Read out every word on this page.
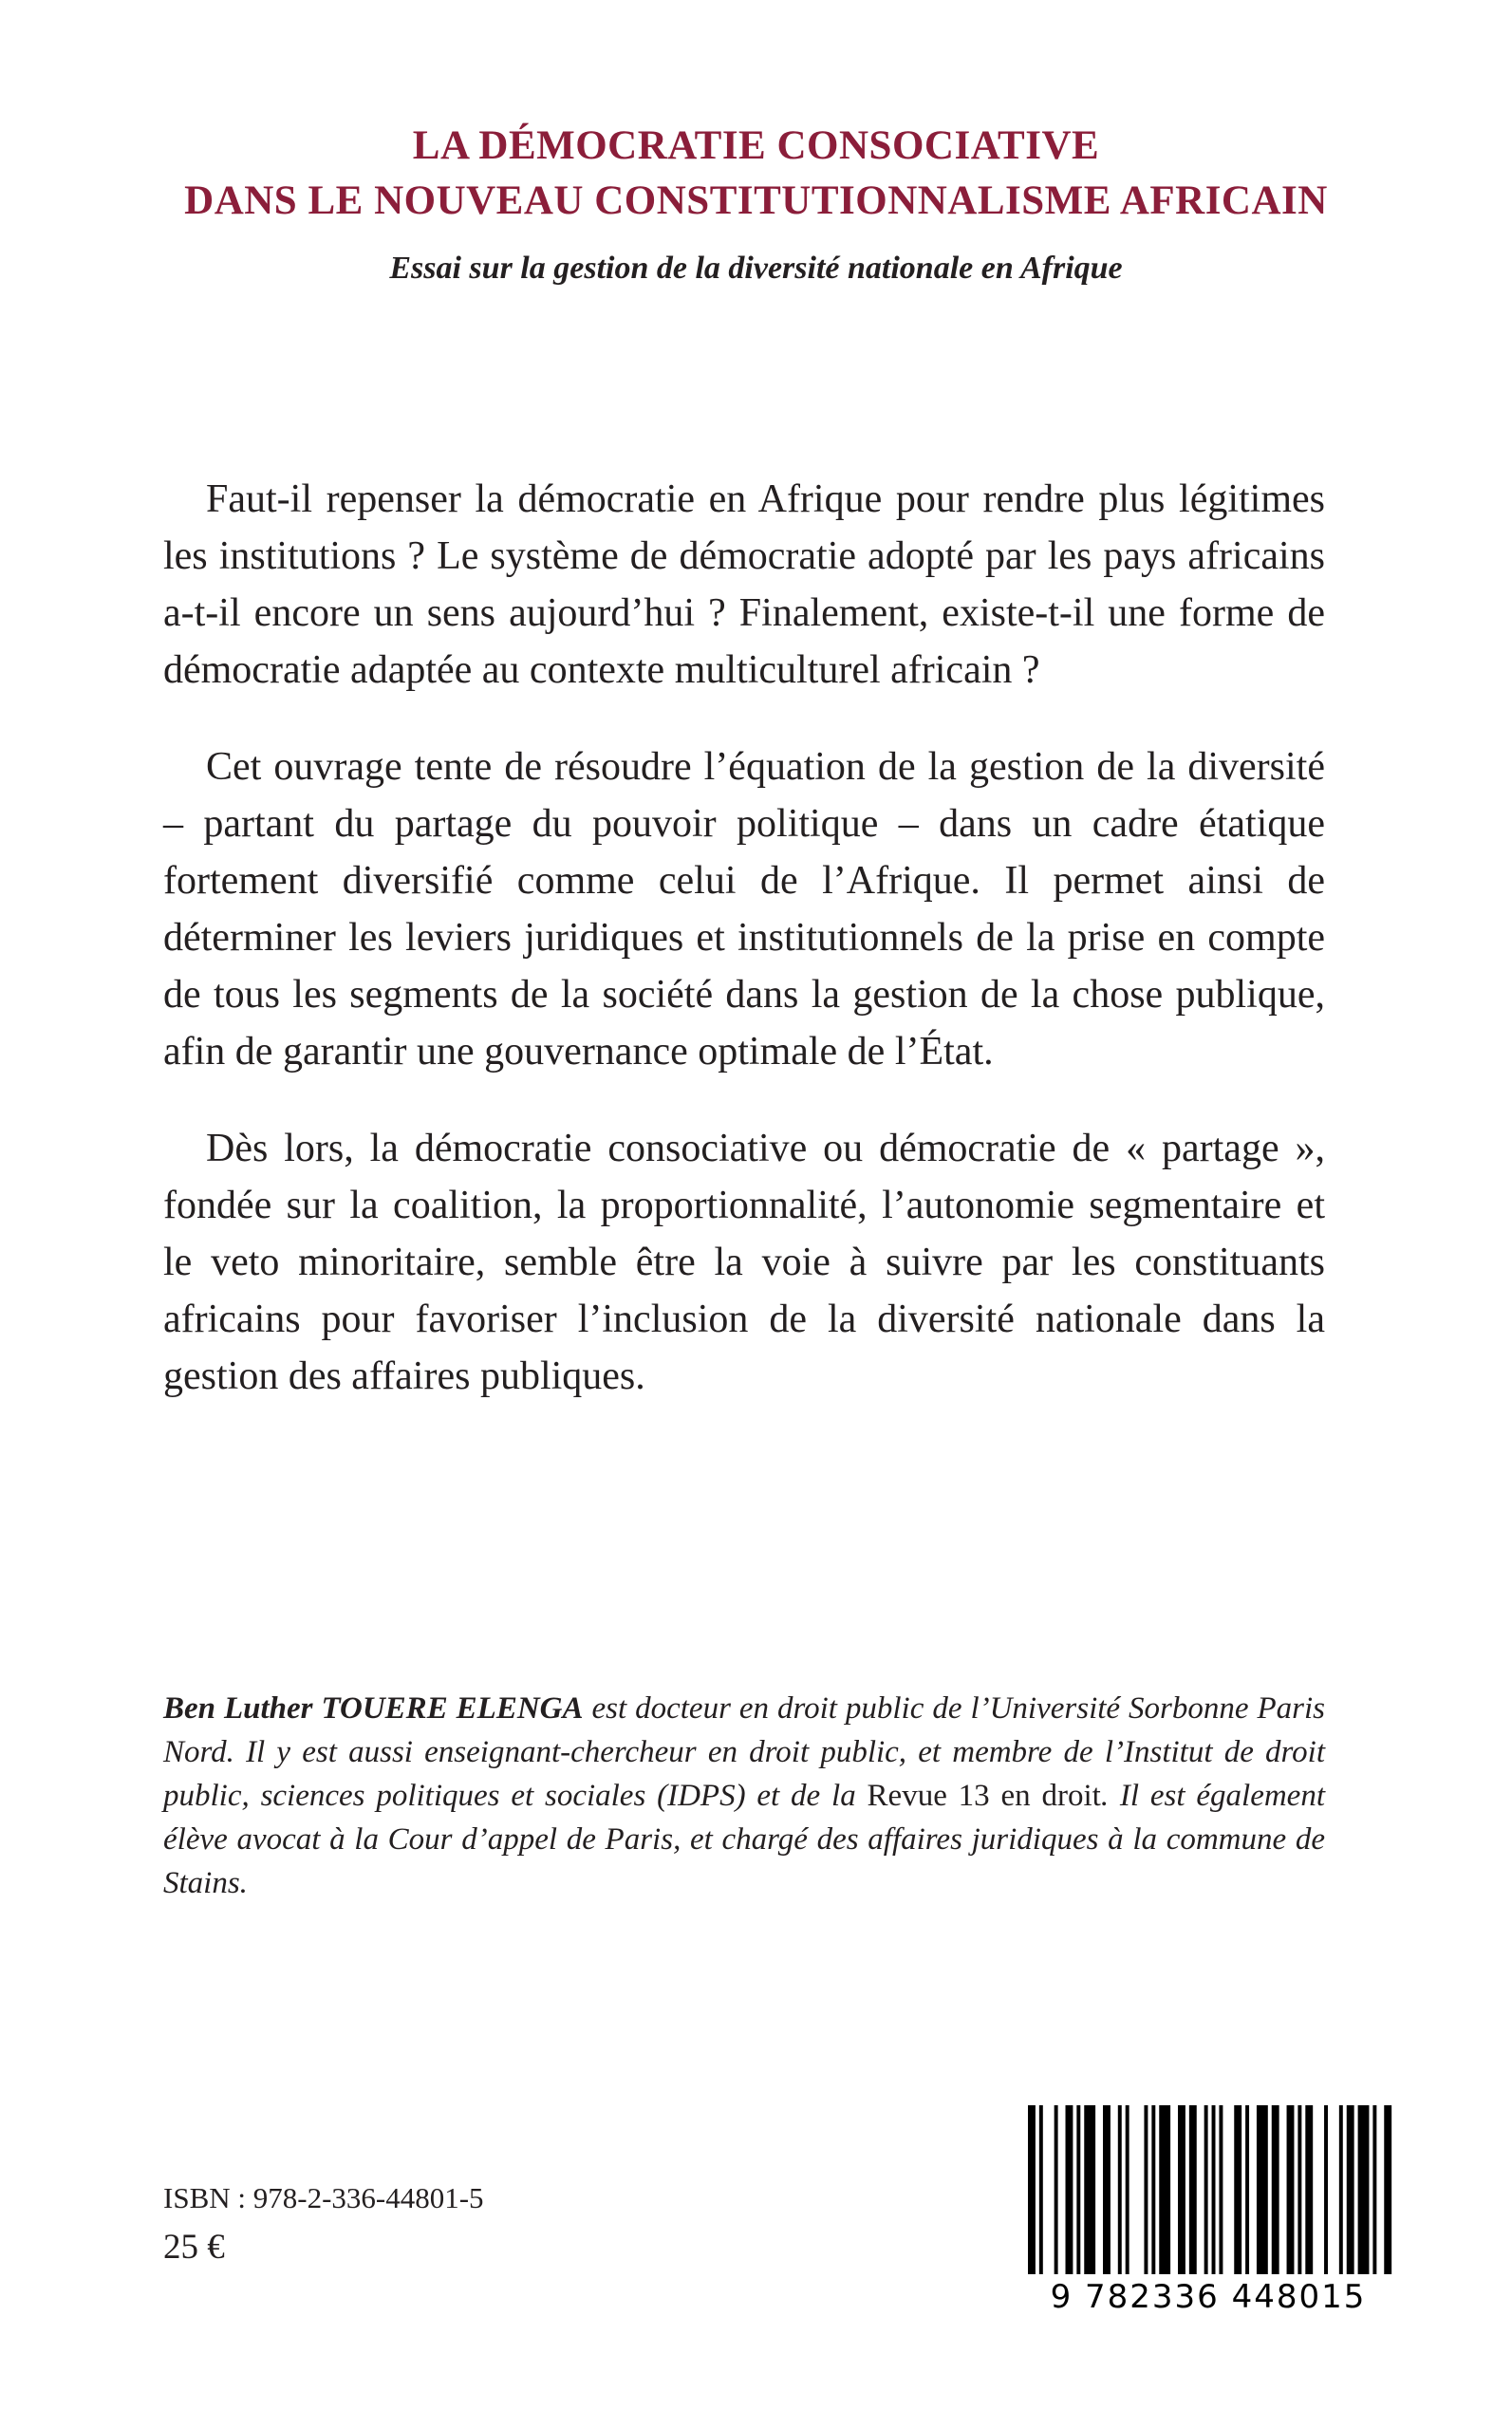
LA DÉMOCRATIE CONSOCIATIVE
DANS LE NOUVEAU CONSTITUTIONNALISME AFRICAIN
Essai sur la gestion de la diversité nationale en Afrique

Faut-il repenser la démocratie en Afrique pour rendre plus légitimes les institutions ? Le système de démocratie adopté par les pays africains a-t-il encore un sens aujourd’hui ? Finalement, existe-t-il une forme de démocratie adaptée au contexte multiculturel africain ?

Cet ouvrage tente de résoudre l’équation de la gestion de la diversité – partant du partage du pouvoir politique – dans un cadre étatique fortement diversifié comme celui de l’Afrique. Il permet ainsi de déterminer les leviers juridiques et institutionnels de la prise en compte de tous les segments de la société dans la gestion de la chose publique, afin de garantir une gouvernance optimale de l’État.

Dès lors, la démocratie consociative ou démocratie de « partage », fondée sur la coalition, la proportionnalité, l’autonomie segmentaire et le veto minoritaire, semble être la voie à suivre par les constituants africains pour favoriser l’inclusion de la diversité nationale dans la gestion des affaires publiques.

Ben Luther TOUERE ELENGA est docteur en droit public de l’Université Sorbonne Paris Nord. Il y est aussi enseignant-chercheur en droit public, et membre de l’Institut de droit public, sciences politiques et sociales (IDPS) et de la Revue 13 en droit. Il est également élève avocat à la Cour d’appel de Paris, et chargé des affaires juridiques à la commune de Stains.

ISBN : 978-2-336-44801-5
25 €
9 782336 448015
